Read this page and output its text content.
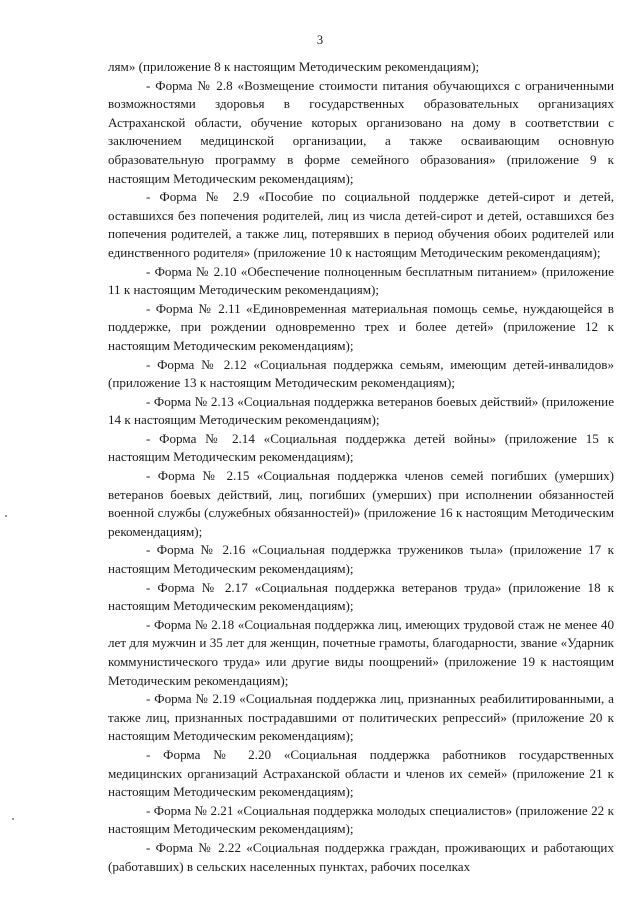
3

лям» (приложение 8 к настоящим Методическим рекомендациям);

- Форма № 2.8 «Возмещение стоимости питания обучающихся с ограниченными возможностями здоровья в государственных образовательных организациях Астраханской области, обучение которых организовано на дому в соответствии с заключением медицинской организации, а также осваивающим основную образовательную программу в форме семейного образования» (приложение 9 к настоящим Методическим рекомендациям);

- Форма № 2.9 «Пособие по социальной поддержке детей-сирот и детей, оставшихся без попечения родителей, лиц из числа детей-сирот и детей, оставшихся без попечения родителей, а также лиц, потерявших в период обучения обоих родителей или единственного родителя» (приложение 10 к настоящим Методическим рекомендациям);

- Форма № 2.10 «Обеспечение полноценным бесплатным питанием» (приложение 11 к настоящим Методическим рекомендациям);

- Форма № 2.11 «Единовременная материальная помощь семье, нуждающейся в поддержке, при рождении одновременно трех и более детей» (приложение 12 к настоящим Методическим рекомендациям);

- Форма № 2.12 «Социальная поддержка семьям, имеющим детей-инвалидов» (приложение 13 к настоящим Методическим рекомендациям);

- Форма № 2.13 «Социальная поддержка ветеранов боевых действий» (приложение 14 к настоящим Методическим рекомендациям);

- Форма № 2.14 «Социальная поддержка детей войны» (приложение 15 к настоящим Методическим рекомендациям);

- Форма № 2.15 «Социальная поддержка членов семей погибших (умерших) ветеранов боевых действий, лиц, погибших (умерших) при исполнении обязанностей военной службы (служебных обязанностей)» (приложение 16 к настоящим Методическим рекомендациям);

- Форма № 2.16 «Социальная поддержка тружеников тыла» (приложение 17 к настоящим Методическим рекомендациям);

- Форма № 2.17 «Социальная поддержка ветеранов труда» (приложение 18 к настоящим Методическим рекомендациям);

- Форма № 2.18 «Социальная поддержка лиц, имеющих трудовой стаж не менее 40 лет для мужчин и 35 лет для женщин, почетные грамоты, благодарности, звание «Ударник коммунистического труда» или другие виды поощрений» (приложение 19 к настоящим Методическим рекомендациям);

- Форма № 2.19 «Социальная поддержка лиц, признанных реабилитированными, а также лиц, признанных пострадавшими от политических репрессий» (приложение 20 к настоящим Методическим рекомендациям);

- Форма № 2.20 «Социальная поддержка работников государственных медицинских организаций Астраханской области и членов их семей» (приложение 21 к настоящим Методическим рекомендациям);

- Форма № 2.21 «Социальная поддержка молодых специалистов» (приложение 22 к настоящим Методическим рекомендациям);

- Форма № 2.22 «Социальная поддержка граждан, проживающих и работающих (работавших) в сельских населенных пунктах, рабочих поселках
